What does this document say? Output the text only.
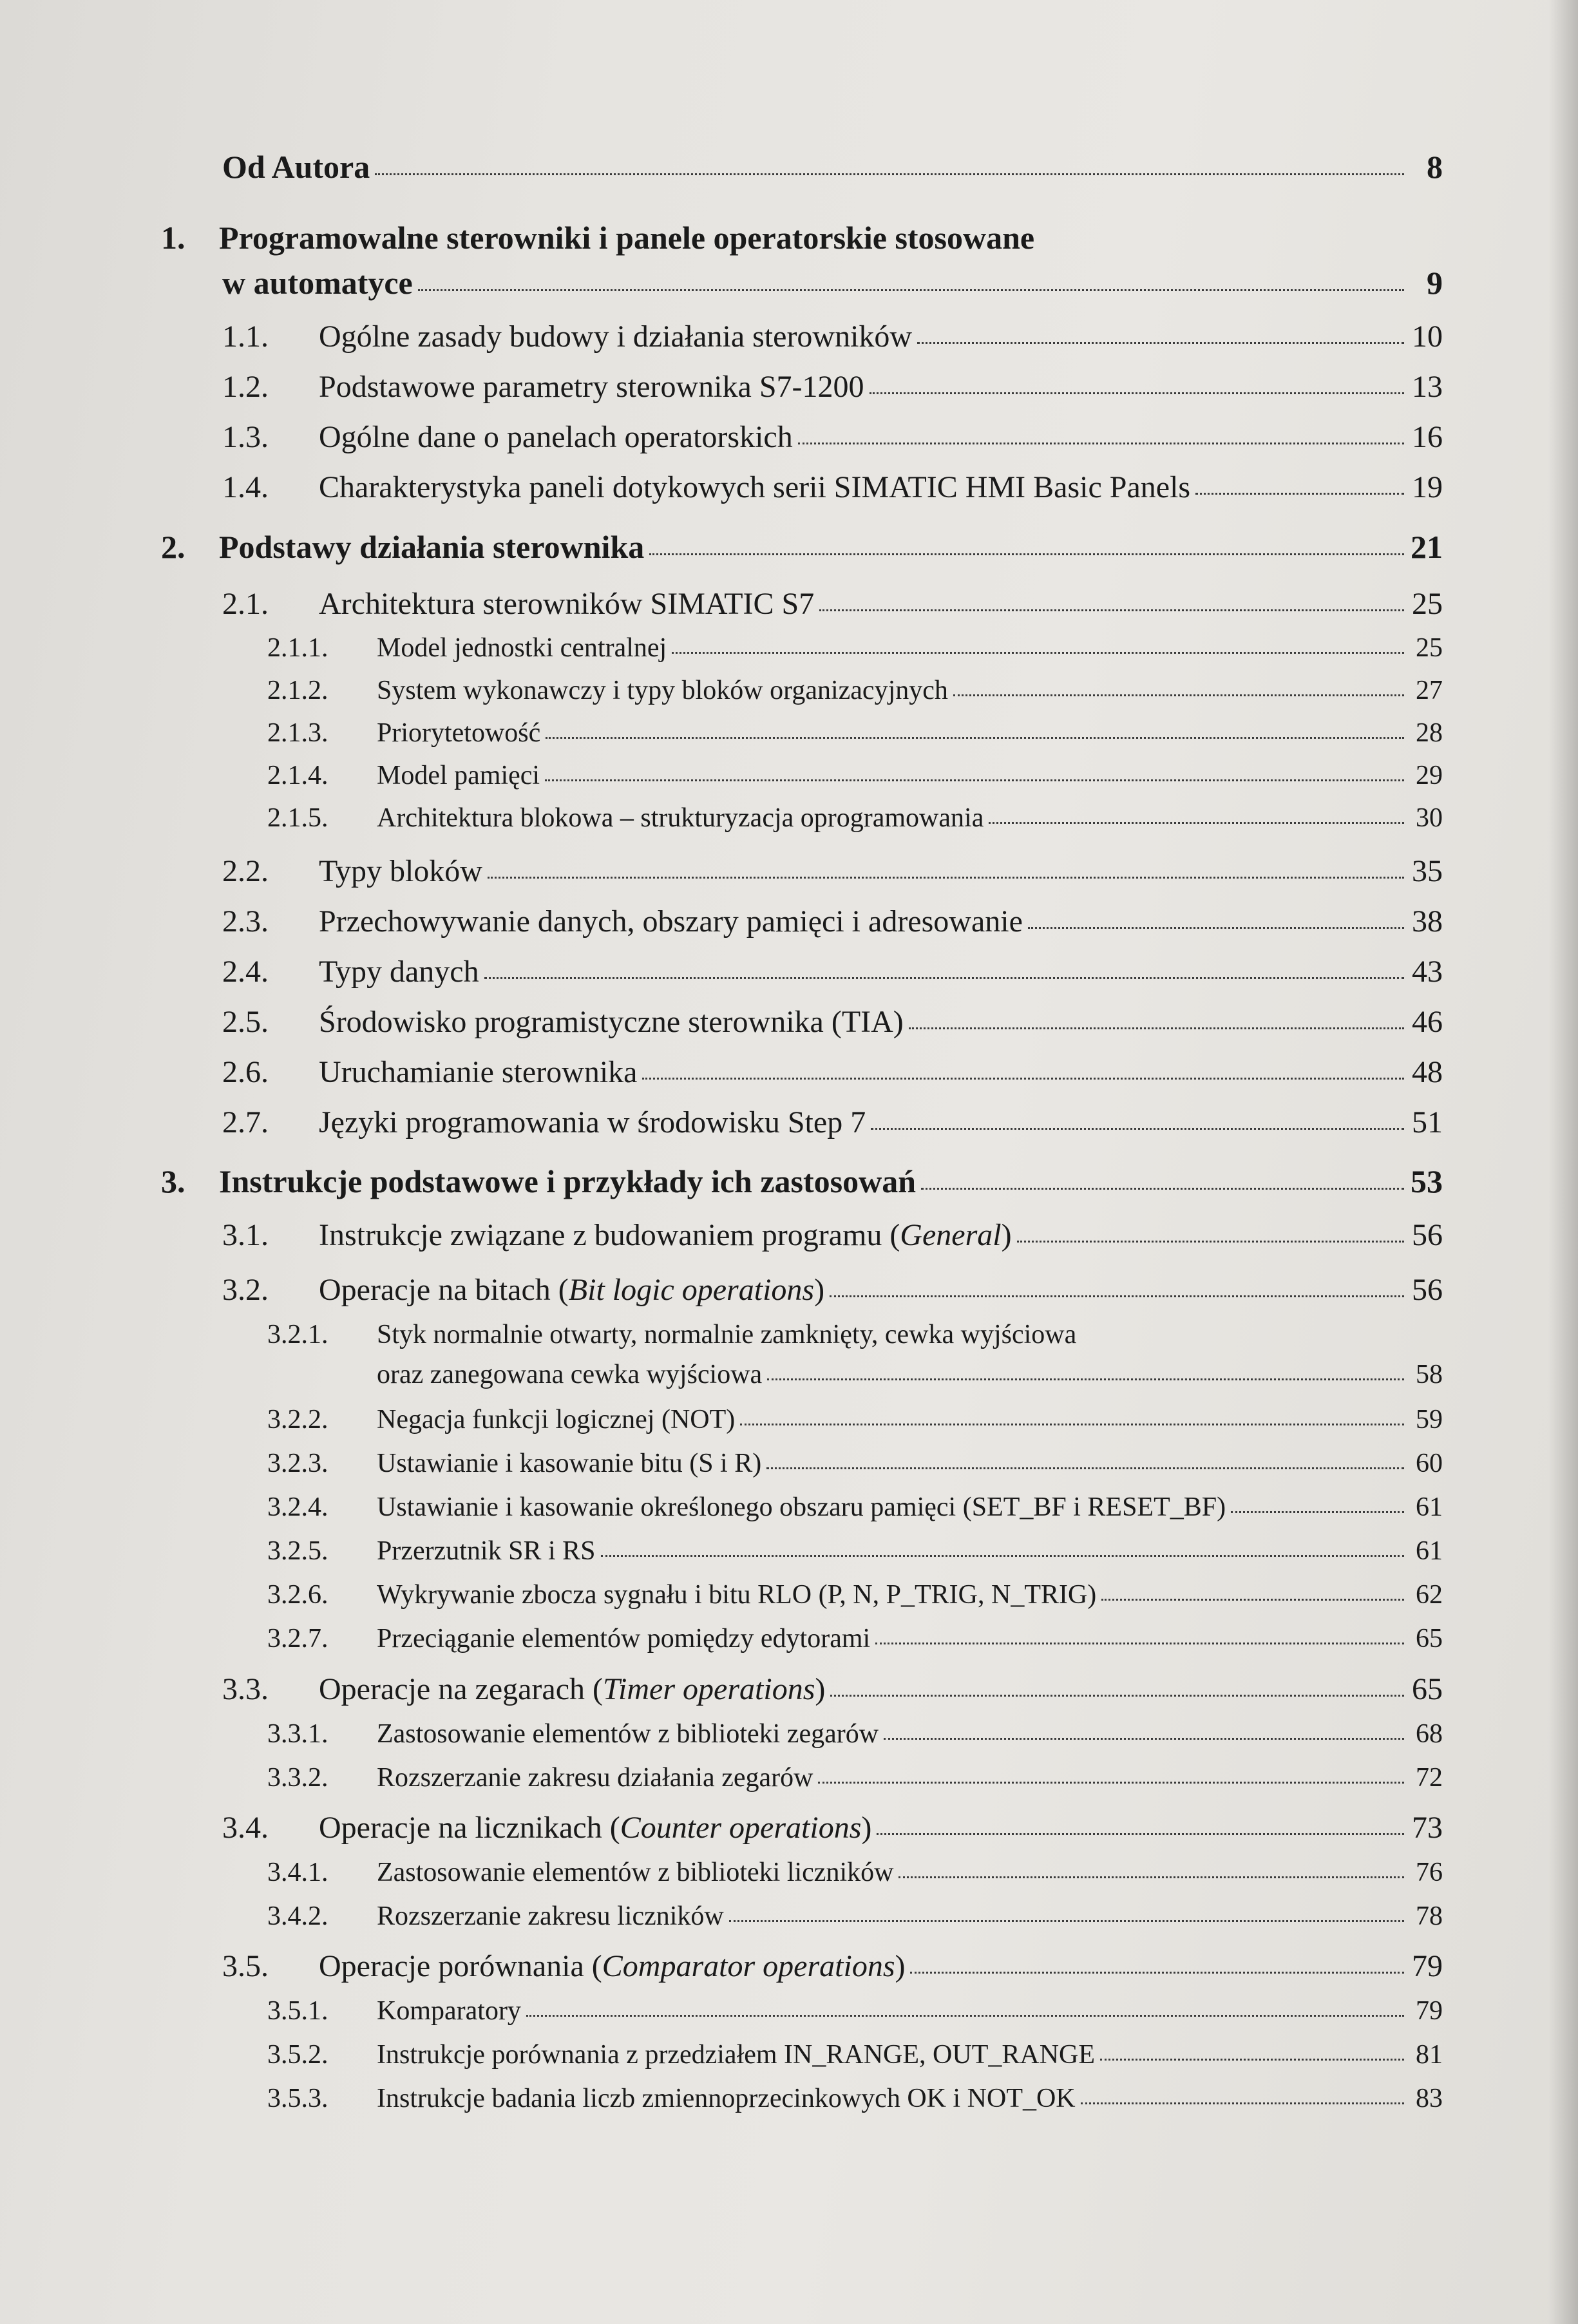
Od Autora	8
1.	Programowalne sterowniki i panele operatorskie stosowane
w automatyce	9
1.1.	Ogólne zasady budowy i działania sterowników	10
1.2.	Podstawowe parametry sterownika S7-1200	13
1.3.	Ogólne dane o panelach operatorskich	16
1.4.	Charakterystyka paneli dotykowych serii SIMATIC HMI Basic Panels	19
2.	Podstawy działania sterownika	21
2.1.	Architektura sterowników SIMATIC S7	25
2.1.1.	Model jednostki centralnej	25
2.1.2.	System wykonawczy i typy bloków organizacyjnych	27
2.1.3.	Priorytetowość	28
2.1.4.	Model pamięci	29
2.1.5.	Architektura blokowa – strukturyzacja oprogramowania	30
2.2.	Typy bloków	35
2.3.	Przechowywanie danych, obszary pamięci i adresowanie	38
2.4.	Typy danych	43
2.5.	Środowisko programistyczne sterownika (TIA)	46
2.6.	Uruchamianie sterownika	48
2.7.	Języki programowania w środowisku Step 7	51
3.	Instrukcje podstawowe i przykłady ich zastosowań	53
3.1.	Instrukcje związane z budowaniem programu (General)	56
3.2.	Operacje na bitach (Bit logic operations)	56
3.2.1.	Styk normalnie otwarty, normalnie zamknięty, cewka wyjściowa
oraz zanegowana cewka wyjściowa	58
3.2.2.	Negacja funkcji logicznej (NOT)	59
3.2.3.	Ustawianie i kasowanie bitu (S i R)	60
3.2.4.	Ustawianie i kasowanie określonego obszaru pamięci (SET_BF i RESET_BF)	61
3.2.5.	Przerzutnik SR i RS	61
3.2.6.	Wykrywanie zbocza sygnału i bitu RLO (P, N, P_TRIG, N_TRIG)	62
3.2.7.	Przeciąganie elementów pomiędzy edytorami	65
3.3.	Operacje na zegarach (Timer operations)	65
3.3.1.	Zastosowanie elementów z biblioteki zegarów	68
3.3.2.	Rozszerzanie zakresu działania zegarów	72
3.4.	Operacje na licznikach (Counter operations)	73
3.4.1.	Zastosowanie elementów z biblioteki liczników	76
3.4.2.	Rozszerzanie zakresu liczników	78
3.5.	Operacje porównania (Comparator operations)	79
3.5.1.	Komparatory	79
3.5.2.	Instrukcje porównania z przedziałem IN_RANGE, OUT_RANGE	81
3.5.3.	Instrukcje badania liczb zmiennoprzecinkowych OK i NOT_OK	83
